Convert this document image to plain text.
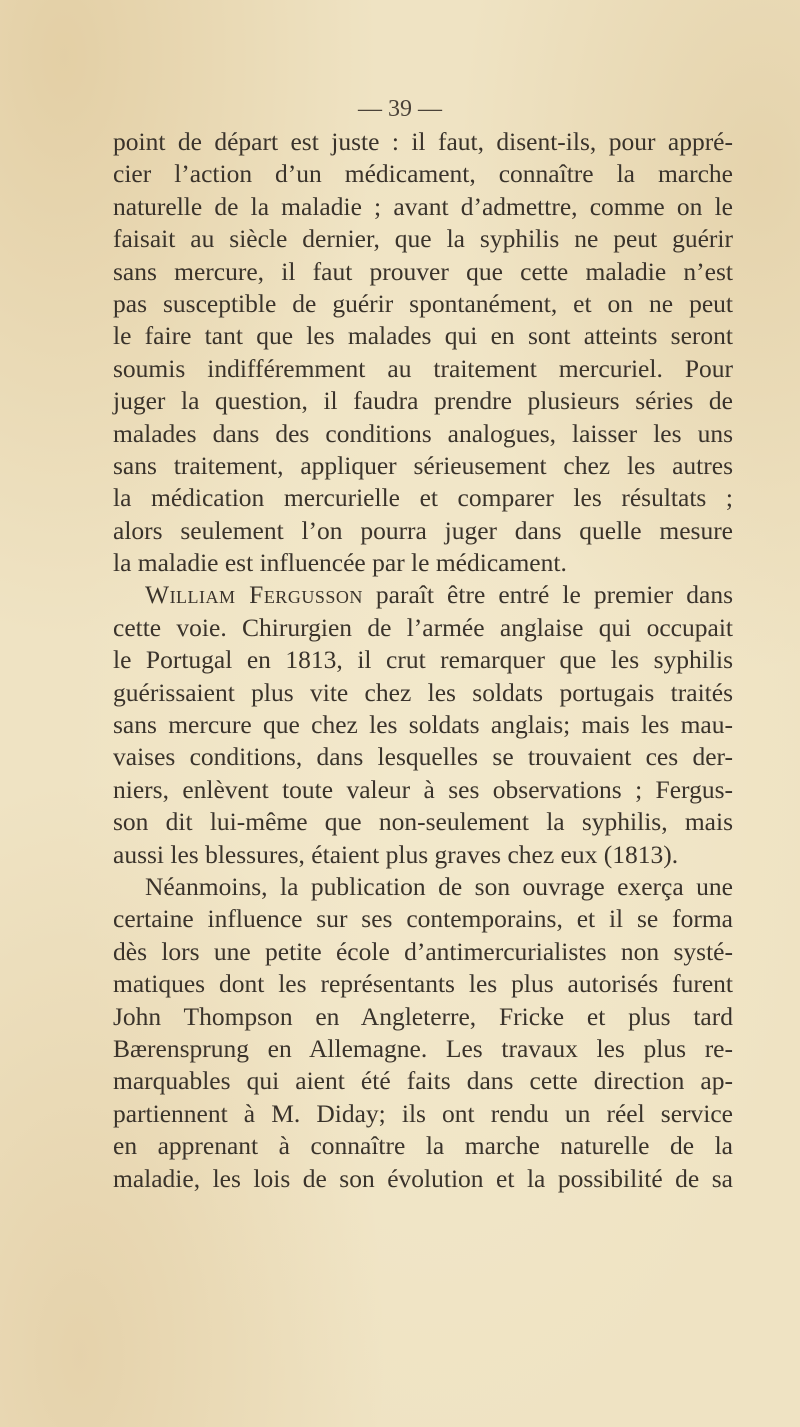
— 39 —
point de départ est juste : il faut, disent-ils, pour appré-
cier l’action d’un médicament, connaître la marche
naturelle de la maladie ; avant d’admettre, comme on le
faisait au siècle dernier, que la syphilis ne peut guérir
sans mercure, il faut prouver que cette maladie n’est
pas susceptible de guérir spontanément, et on ne peut
le faire tant que les malades qui en sont atteints seront
soumis indifféremment au traitement mercuriel. Pour
juger la question, il faudra prendre plusieurs séries de
malades dans des conditions analogues, laisser les uns
sans traitement, appliquer sérieusement chez les autres
la médication mercurielle et comparer les résultats ;
alors seulement l’on pourra juger dans quelle mesure
la maladie est influencée par le médicament.
William Fergusson paraît être entré le premier dans
cette voie. Chirurgien de l’armée anglaise qui occupait
le Portugal en 1813, il crut remarquer que les syphilis
guérissaient plus vite chez les soldats portugais traités
sans mercure que chez les soldats anglais; mais les mau-
vaises conditions, dans lesquelles se trouvaient ces der-
niers, enlèvent toute valeur à ses observations ; Fergus-
son dit lui-même que non-seulement la syphilis, mais
aussi les blessures, étaient plus graves chez eux (1813).
Néanmoins, la publication de son ouvrage exerça une
certaine influence sur ses contemporains, et il se forma
dès lors une petite école d’antimercurialistes non systé-
matiques dont les représentants les plus autorisés furent
John Thompson en Angleterre, Fricke et plus tard
Bærensprung en Allemagne. Les travaux les plus re-
marquables qui aient été faits dans cette direction ap-
partiennent à M. Diday; ils ont rendu un réel service
en apprenant à connaître la marche naturelle de la
maladie, les lois de son évolution et la possibilité de sa
